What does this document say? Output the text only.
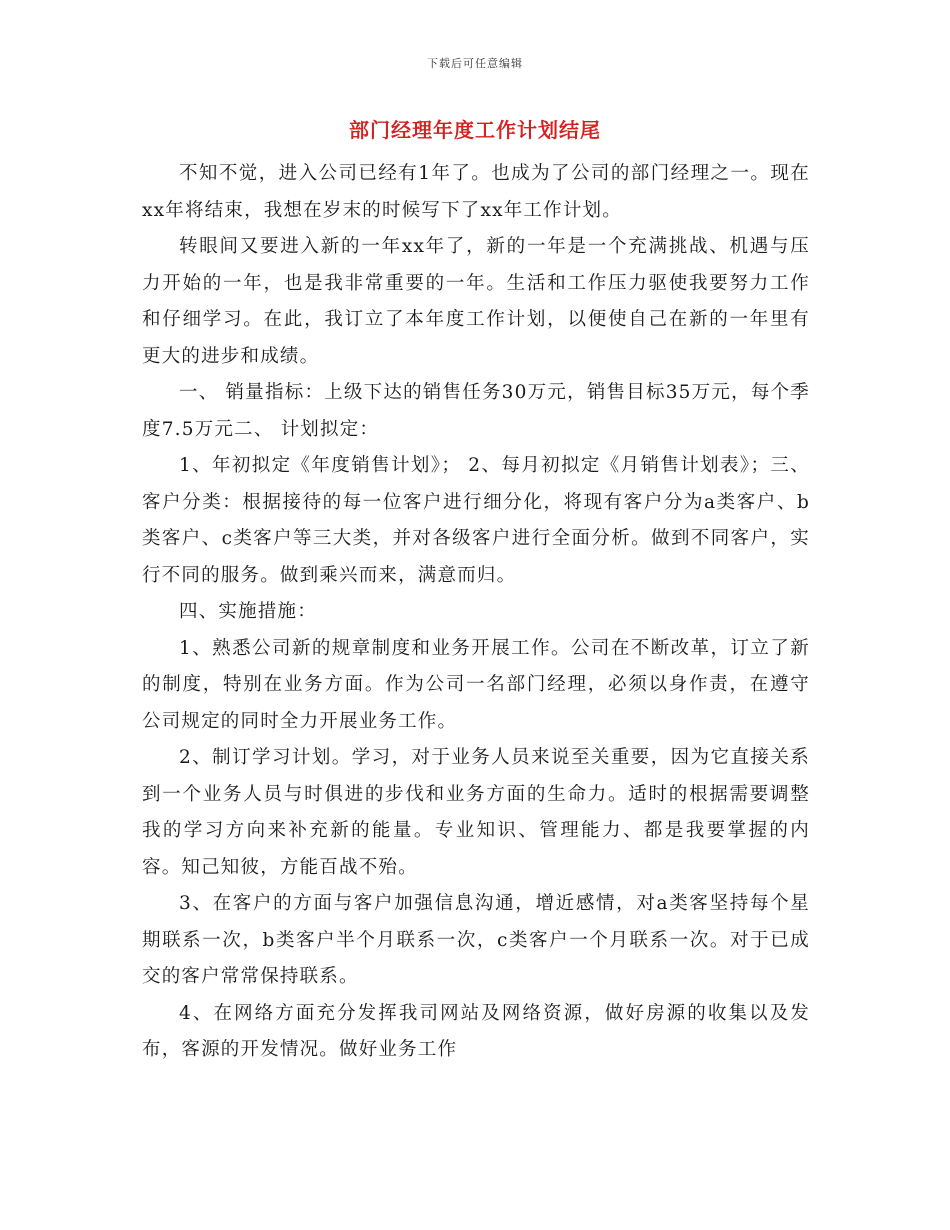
下载后可任意编辑
部门经理年度工作计划结尾

不知不觉，进入公司已经有1年了。也成为了公司的部门经理之一。现在xx年将结束，我想在岁末的时候写下了xx年工作计划。

转眼间又要进入新的一年xx年了，新的一年是一个充满挑战、机遇与压力开始的一年，也是我非常重要的一年。生活和工作压力驱使我要努力工作和仔细学习。在此，我订立了本年度工作计划，以便使自己在新的一年里有更大的进步和成绩。

一、 销量指标：上级下达的销售任务30万元，销售目标35万元，每个季度7.5万元二、 计划拟定：

1、年初拟定《年度销售计划》； 2、每月初拟定《月销售计划表》；三、客户分类：根据接待的每一位客户进行细分化，将现有客户分为a类客户、b类客户、c类客户等三大类，并对各级客户进行全面分析。做到不同客户，实行不同的服务。做到乘兴而来，满意而归。

四、实施措施：

1、熟悉公司新的规章制度和业务开展工作。公司在不断改革，订立了新的制度，特别在业务方面。作为公司一名部门经理，必须以身作责，在遵守公司规定的同时全力开展业务工作。

2、制订学习计划。学习，对于业务人员来说至关重要，因为它直接关系到一个业务人员与时俱进的步伐和业务方面的生命力。适时的根据需要调整我的学习方向来补充新的能量。专业知识、管理能力、都是我要掌握的内容。知己知彼，方能百战不殆。

3、在客户的方面与客户加强信息沟通，增近感情，对a类客坚持每个星期联系一次，b类客户半个月联系一次，c类客户一个月联系一次。对于已成交的客户常常保持联系。

4、在网络方面充分发挥我司网站及网络资源，做好房源的收集以及发布，客源的开发情况。做好业务工作
